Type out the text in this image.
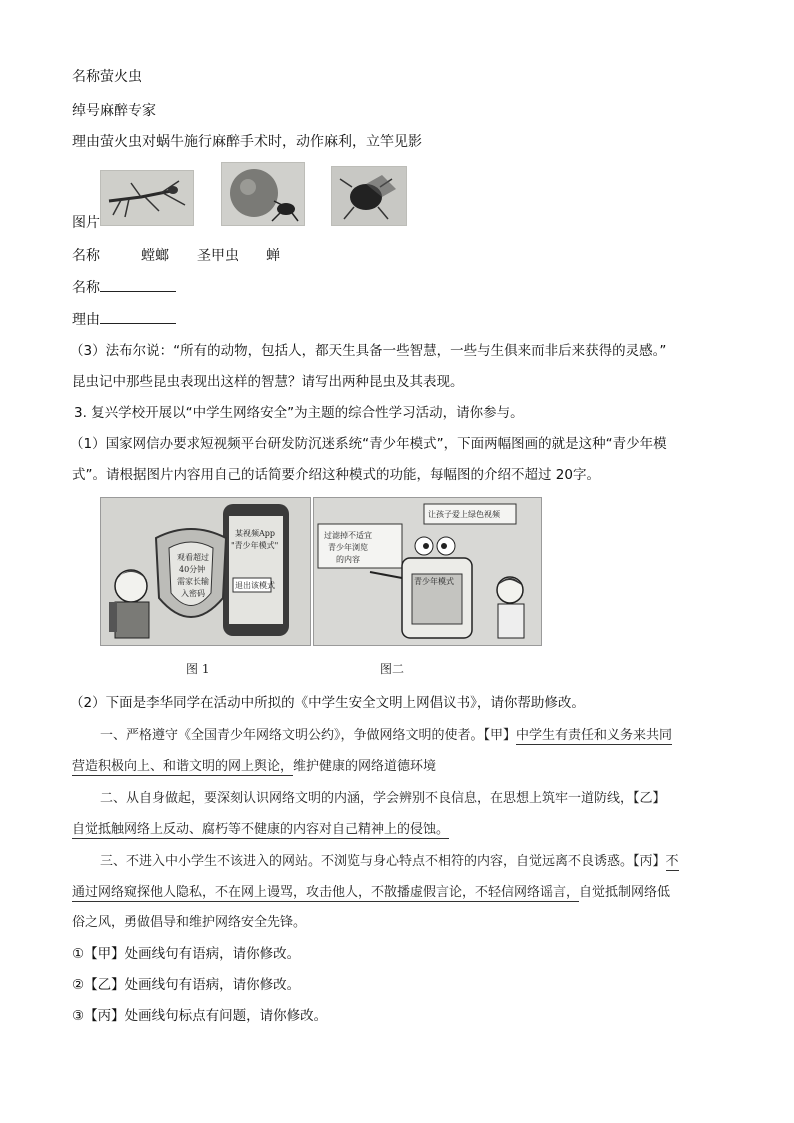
名称萤火虫
绰号麻醉专家
理由萤火虫对蜗牛施行麻醉手术时，动作麻利，立竿见影
图片
名称	螳螂 圣甲虫 蝉
名称
理由
（3）法布尔说：“所有的动物，包括人，都天生具备一些智慧，一些与生俱来而非后来获得的灵感。”
昆虫记中那些昆虫表现出这样的智慧？请写出两种昆虫及其表现。
3. 复兴学校开展以“中学生网络安全”为主题的综合性学习活动，请你参与。
（1）国家网信办要求短视频平台研发防沉迷系统“青少年模式”，下面两幅图画的就是这种“青少年模
式”。请根据图片内容用自己的话简要介绍这种模式的功能，每幅图的介绍不超过 20字。
某视频App
"青少年模式"
退出该模式
观看超过
40分钟
需家长输
入密码
让孩子爱上绿色视频
过滤掉不适宜
青少年浏览
的内容
青少年模式
图 1	图二
（2）下面是李华同学在活动中所拟的《中学生安全文明上网倡议书》，请你帮助修改。
一、严格遵守《全国青少年网络文明公约》，争做网络文明的使者。【甲】中学生有责任和义务来共同
营造积极向上、和谐文明的网上舆论，维护健康的网络道德环境
二、从自身做起，要深刻认识网络文明的内涵，学会辨别不良信息，在思想上筑牢一道防线，【乙】
自觉抵触网络上反动、腐朽等不健康的内容对自己精神上的侵蚀。
三、不进入中小学生不该进入的网站。不浏览与身心特点不相符的内容，自觉远离不良诱惑。【丙】不
通过网络窥探他人隐私，不在网上谩骂，攻击他人，不散播虚假言论，不轻信网络谣言，自觉抵制网络低
俗之风，勇做倡导和维护网络安全先锋。
①【甲】处画线句有语病，请你修改。
②【乙】处画线句有语病，请你修改。
③【丙】处画线句标点有问题，请你修改。
